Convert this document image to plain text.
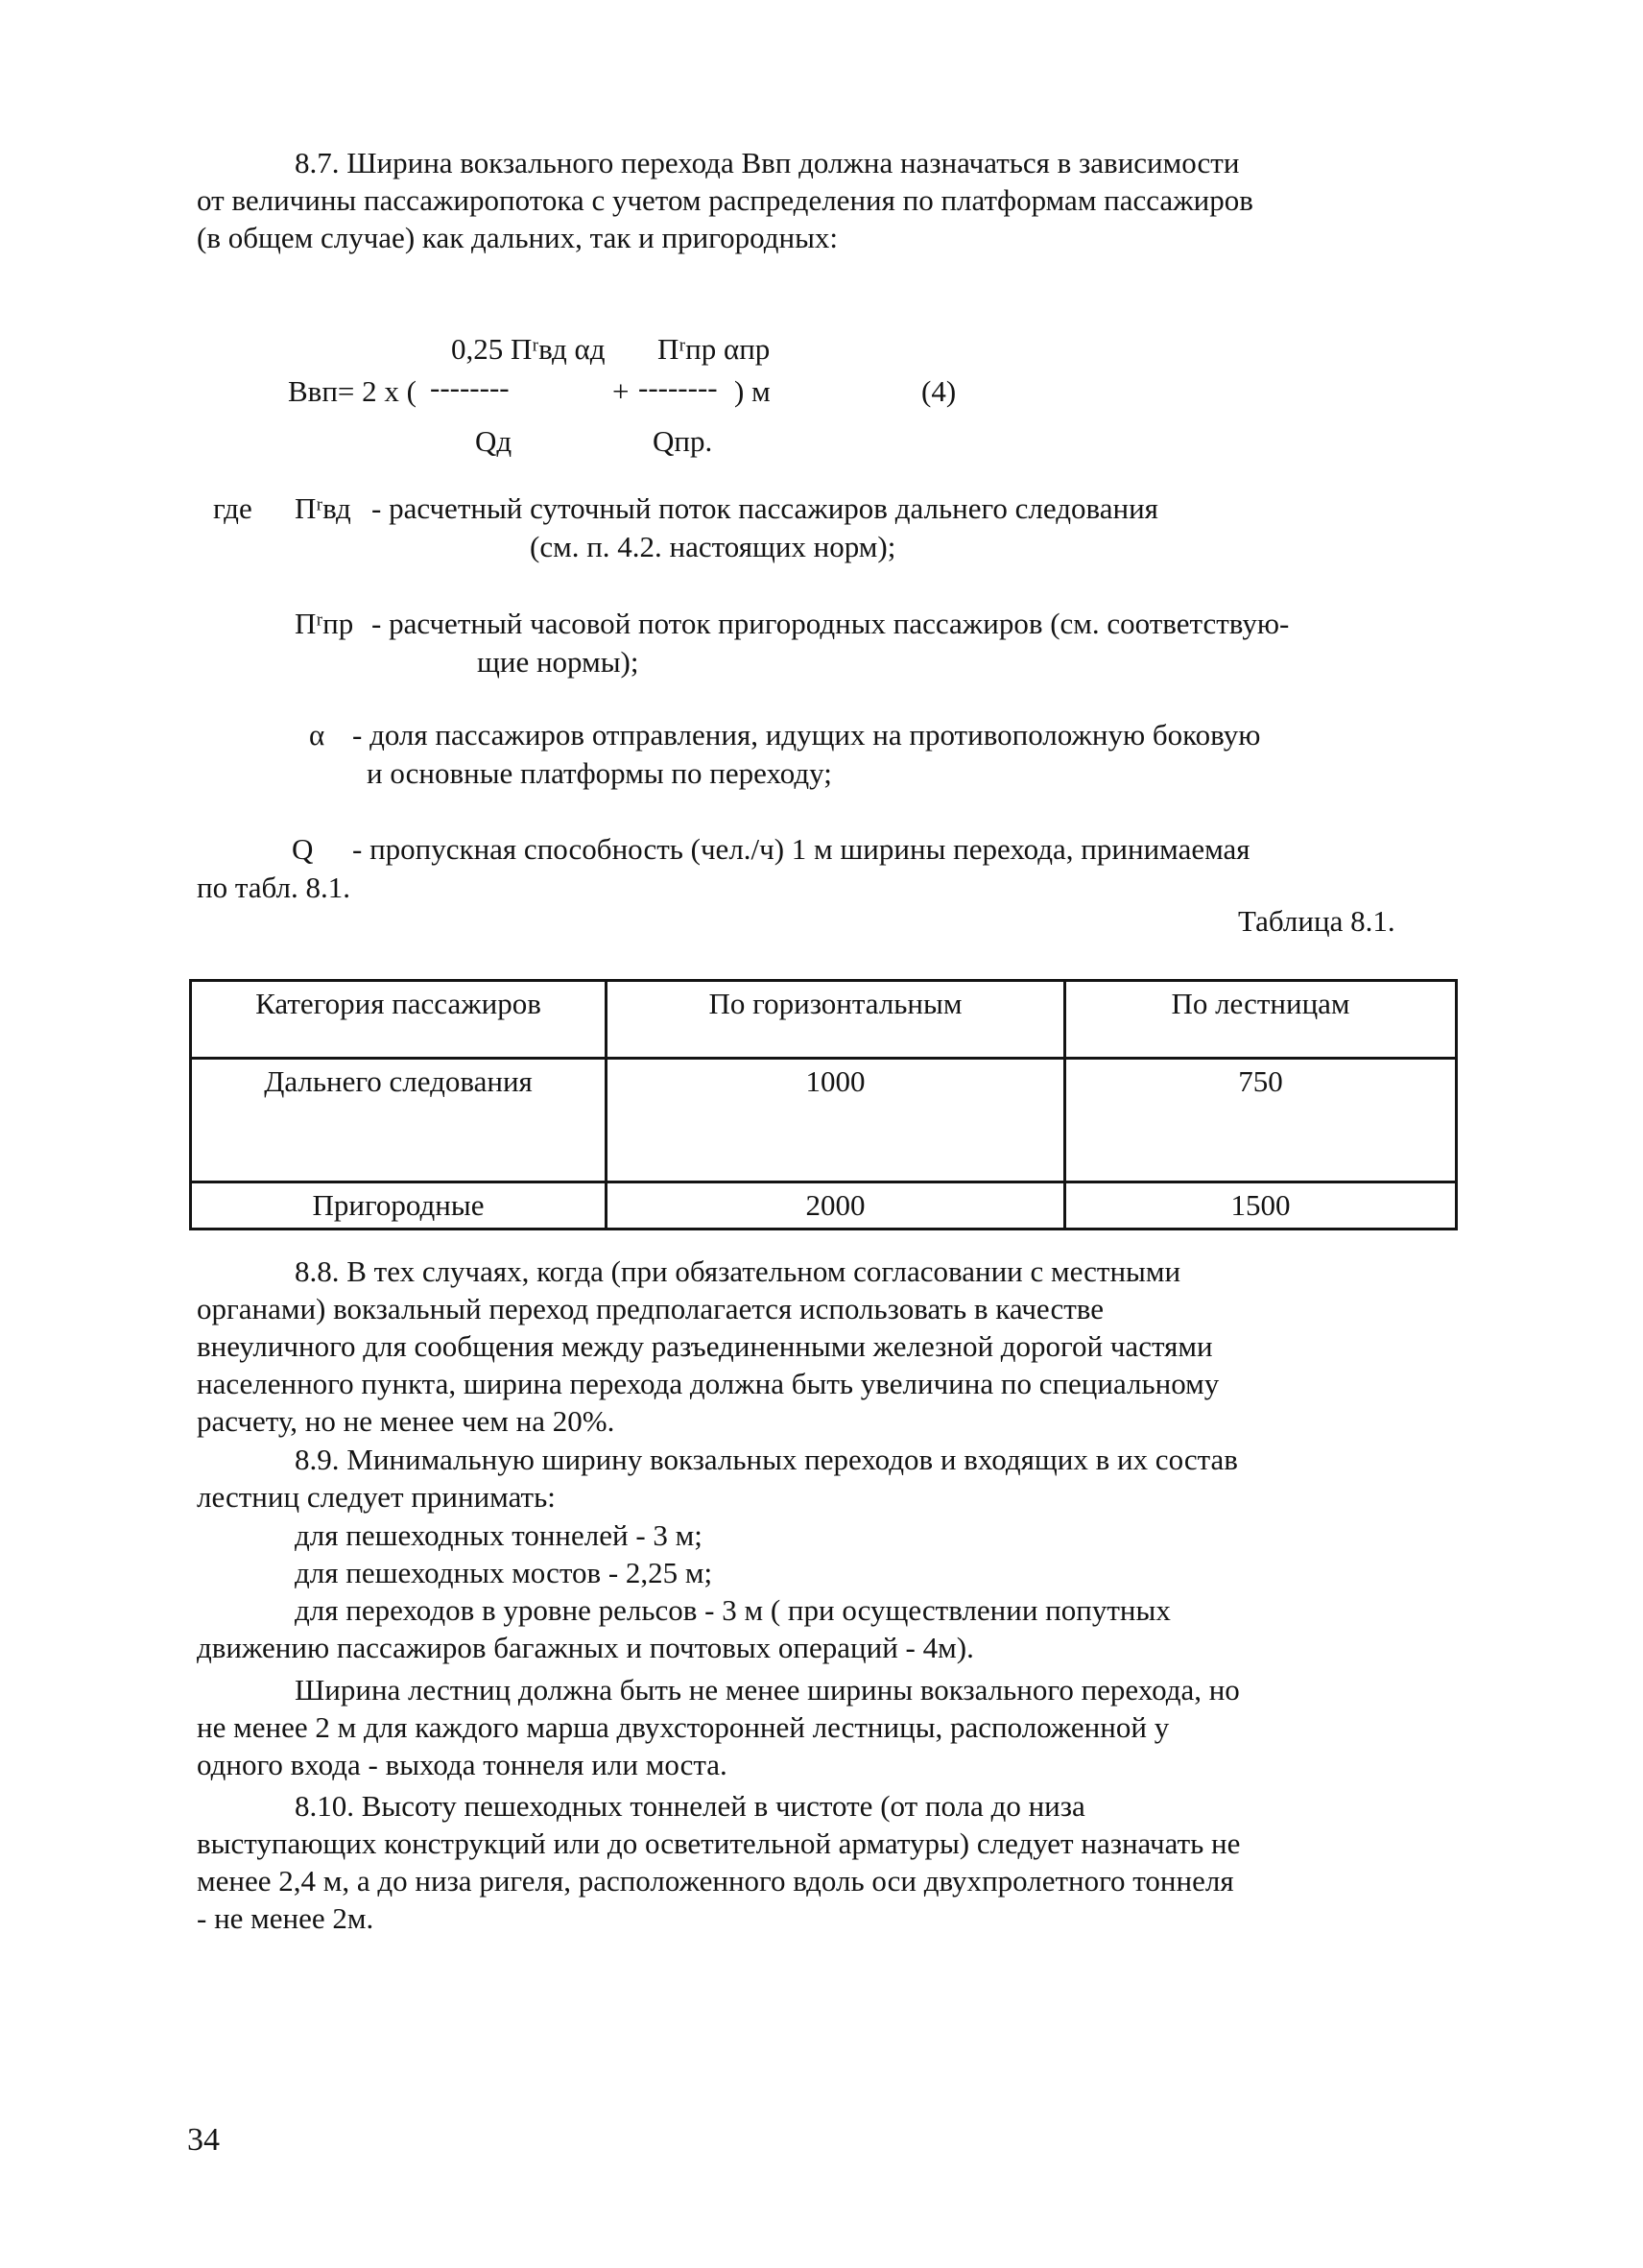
8.7. Ширина вокзального перехода Bвп должна назначаться в зависимости
от величины пассажиропотока с учетом распределения по платформам пассажиров
(в общем случае) как дальних, так и пригородных:
0,25 Пʳвд αд Пʳпр αпр
Bвп= 2 х ( --------	+ -------- ) м	(4)
Qд	Qпр.
где Пʳвд - расчетный суточный поток пассажиров дальнего следования
(см. п. 4.2. настоящих норм);
Пʳпр - расчетный часовой поток пригородных пассажиров (см. соответствую-
щие нормы);
α - доля пассажиров отправления, идущих на противоположную боковую
и основные платформы по переходу;
Q - пропускная способность (чел./ч) 1 м ширины перехода, принимаемая
по табл. 8.1.
Таблица 8.1.
Категория пассажиров	По горизонтальным	По лестницам
Дальнего следования	1000	750
Пригородные	2000	1500
8.8. В тех случаях, когда (при обязательном согласовании с местными
органами) вокзальный переход предполагается использовать в качестве
внеуличного для сообщения между разъединенными железной дорогой частями
населенного пункта, ширина перехода должна быть увеличина по специальному
расчету, но не менее чем на 20%.
8.9. Минимальную ширину вокзальных переходов и входящих в их состав
лестниц следует принимать:
для пешеходных тоннелей - 3 м;
для пешеходных мостов - 2,25 м;
для переходов в уровне рельсов - 3 м ( при осуществлении попутных
движению пассажиров багажных и почтовых операций - 4м).
Ширина лестниц должна быть не менее ширины вокзального перехода, но
не менее 2 м для каждого марша двухсторонней лестницы, расположенной у
одного входа - выхода тоннеля или моста.
8.10. Высоту пешеходных тоннелей в чистоте (от пола до низа
выступающих конструкций или до осветительной арматуры) следует назначать не
менее 2,4 м, а до низа ригеля, расположенного вдоль оси двухпролетного тоннеля
- не менее 2м.
34
